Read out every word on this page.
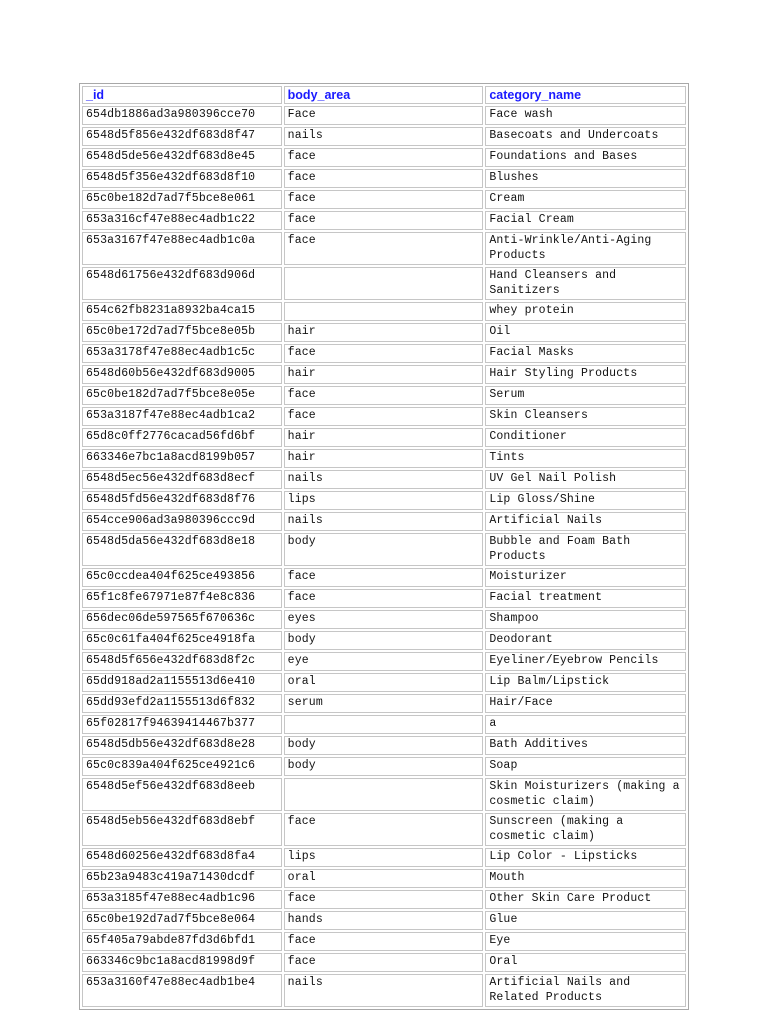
_id	body_area	category_name
654db1886ad3a980396cce70	Face	Face wash
6548d5f856e432df683d8f47	nails	Basecoats and Undercoats
6548d5de56e432df683d8e45	face	Foundations and Bases
6548d5f356e432df683d8f10	face	Blushes
65c0be182d7ad7f5bce8e061	face	Cream
653a316cf47e88ec4adb1c22	face	Facial Cream
653a3167f47e88ec4adb1c0a	face	Anti-Wrinkle/Anti-Aging Products
6548d61756e432df683d906d		Hand Cleansers and Sanitizers
654c62fb8231a8932ba4ca15		whey protein
65c0be172d7ad7f5bce8e05b	hair	Oil
653a3178f47e88ec4adb1c5c	face	Facial Masks
6548d60b56e432df683d9005	hair	Hair Styling Products
65c0be182d7ad7f5bce8e05e	face	Serum
653a3187f47e88ec4adb1ca2	face	Skin Cleansers
65d8c0ff2776cacad56fd6bf	hair	Conditioner
663346e7bc1a8acd8199b057	hair	Tints
6548d5ec56e432df683d8ecf	nails	UV Gel Nail Polish
6548d5fd56e432df683d8f76	lips	Lip Gloss/Shine
654cce906ad3a980396ccc9d	nails	Artificial Nails
6548d5da56e432df683d8e18	body	Bubble and Foam Bath Products
65c0ccdea404f625ce493856	face	Moisturizer
65f1c8fe67971e87f4e8c836	face	Facial treatment
656dec06de597565f670636c	eyes	Shampoo
65c0c61fa404f625ce4918fa	body	Deodorant
6548d5f656e432df683d8f2c	eye	Eyeliner/Eyebrow Pencils
65dd918ad2a1155513d6e410	oral	Lip Balm/Lipstick
65dd93efd2a1155513d6f832	serum	Hair/Face
65f02817f94639414467b377		a
6548d5db56e432df683d8e28	body	Bath Additives
65c0c839a404f625ce4921c6	body	Soap
6548d5ef56e432df683d8eeb		Skin Moisturizers (making a cosmetic claim)
6548d5eb56e432df683d8ebf	face	Sunscreen (making a cosmetic claim)
6548d60256e432df683d8fa4	lips	Lip Color - Lipsticks
65b23a9483c419a71430dcdf	oral	Mouth
653a3185f47e88ec4adb1c96	face	Other Skin Care Product
65c0be192d7ad7f5bce8e064	hands	Glue
65f405a79abde87fd3d6bfd1	face	Eye
663346c9bc1a8acd81998d9f	face	Oral
653a3160f47e88ec4adb1be4	nails	Artificial Nails and Related Products
